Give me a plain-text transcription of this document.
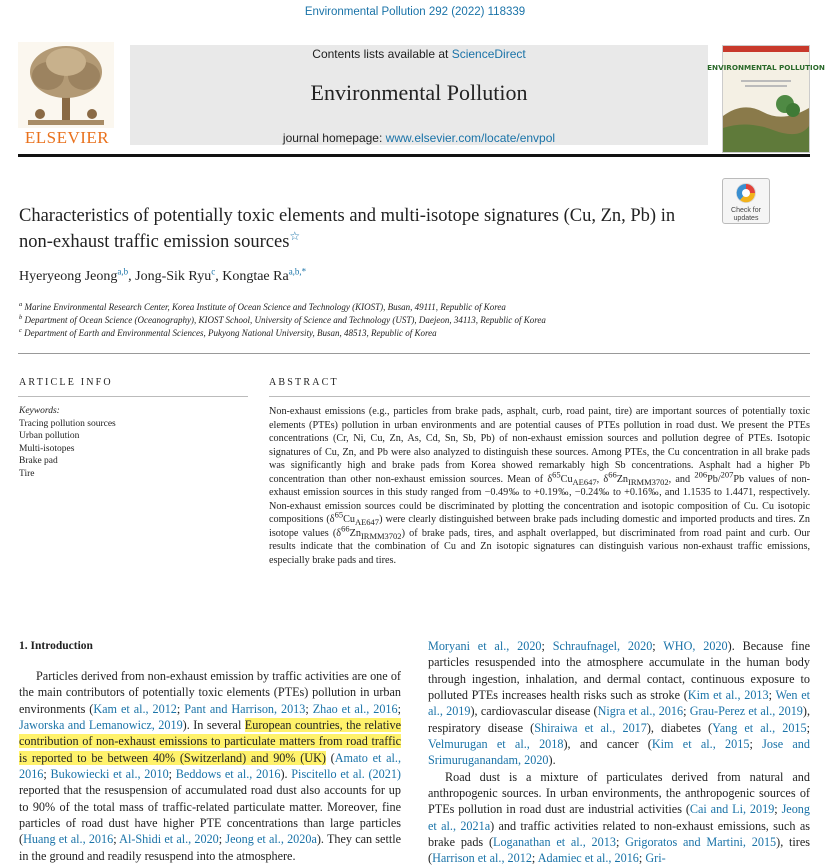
Environmental Pollution 292 (2022) 118339
ELSEVIER
Contents lists available at ScienceDirect
Environmental Pollution
journal homepage: www.elsevier.com/locate/envpol
ENVIRONMENTAL POLLUTION
Check for updates
Characteristics of potentially toxic elements and multi-isotope signatures (Cu, Zn, Pb) in non-exhaust traffic emission sources☆
Hyeryeong Jeong$^{a,b}$, Jong-Sik Ryu$^c$, Kongtae $Ra^{a,b,*}$
$^a$ Marine Environmental Research Center, Korea Institute of Ocean Science and Technology (KIOST), Busan, 49111, Republic of Korea
$^b$ Department of Ocean Science (Oceanography), KIOST School, University of Science and Technology (UST), Daejeon, 34113, Republic of Korea
$^c$ Department of Earth and Environmental Sciences, Pukyong National University, Busan, 48513, Republic of Korea
ARTICLE INFO
Keywords:
Tracing pollution sources
Urban pollution
Multi-isotopes
Brake pad
Tire
ABSTRACT
Non-exhaust emissions (e.g., particles from brake pads, asphalt, curb, road paint, tire) are important sources of potentially toxic elements (PTEs) pollution in urban environments and are potential causes of PTEs pollution in road dust. We present the PTEs concentrations (Cr, Ni, Cu, Zn, As, Cd, Sn, Sb, Pb) of non-exhaust emission sources and pollution degree of PTEs. Isotopic signatures of Cu, Zn, and Pb were also analyzed to distinguish these sources. Among PTEs, the Cu concentration in all brake pads was significantly high and brake pads from Korea showed remarkably high Sb concentrations. Asphalt had a higher Pb concentration than other non-exhaust emission sources. Mean of $\delta^{65}Cu_{AE647}$, $\delta^{66}Zn_{IRMM3702}$, and $^{206}$Pb/$^{207}$Pb values of non-exhaust emission sources in this study ranged from −0.49‰ to +0.19‰, −0.24‰ to +0.16‰, and 1.1535 to 1.4471, respectively. Non-exhaust emission sources could be discriminated by plotting the concentration and isotopic composition of Cu. Cu isotopic compositions $(\delta^{65}Cu_{AE647})$ were clearly distinguished between brake pads including domestic and imported products and tires. Zn isotope values $(\delta^{66}Zn_{IRMM3702})$ of brake pads, tires, and asphalt overlapped, but discriminated from road paint and curb. Our results indicate that the combination of Cu and Zn isotopic signatures can distinguish various non-exhaust traffic emissions, especially brake pads and tires.
1. Introduction

Particles derived from non-exhaust emission by traffic activities are one of the main contributors of potentially toxic elements (PTEs) pollution in urban environments (Kam et al., 2012; Pant and Harrison, 2013; Zhao et al., 2016; Jaworska and Lemanowicz, 2019). In several European countries, the relative contribution of non-exhaust emissions to particulate matters from road traffic is reported to be between 40% (Switzerland) and 90% (UK) (Amato et al., 2016; Bukowiecki et al., 2010; Beddows et al., 2016). Piscitello et al. (2021) reported that the resuspension of accumulated road dust also accounts for up to 90% of the total mass of traffic-related particulate matter. Moreover, fine particles of road dust have higher PTE concentrations than large particles (Huang et al., 2016; Al-Shidi et al., 2020; Jeong et al., 2020a). They can settle in the ground and readily resuspend into the atmosphere.

Moryani et al., 2020; Schraufnagel, 2020; WHO, 2020). Because fine particles resuspended into the atmosphere accumulate in the human body through ingestion, inhalation, and dermal contact, continuous exposure to polluted PTEs increases health risks such as stroke (Kim et al., 2013; Wen et al., 2019), cardiovascular disease (Nigra et al., 2016; Grau-Perez et al., 2019), respiratory disease (Shiraiwa et al., 2017), diabetes (Yang et al., 2015; Velmurugan et al., 2018), and cancer (Kim et al., 2015; Jose and Srimuruganandam, 2020).

Road dust is a mixture of particulates derived from natural and anthropogenic sources. In urban environments, the anthropogenic sources of PTEs pollution in road dust are industrial activities (Cai and Li, 2019; Jeong et al., 2021a) and traffic activities related to non-exhaust emissions, such as brake pads (Loganathan et al., 2013; Grigoratos and Martini, 2015), tires (Harrison et al., 2012; Adamiec et al., 2016; Gri-
